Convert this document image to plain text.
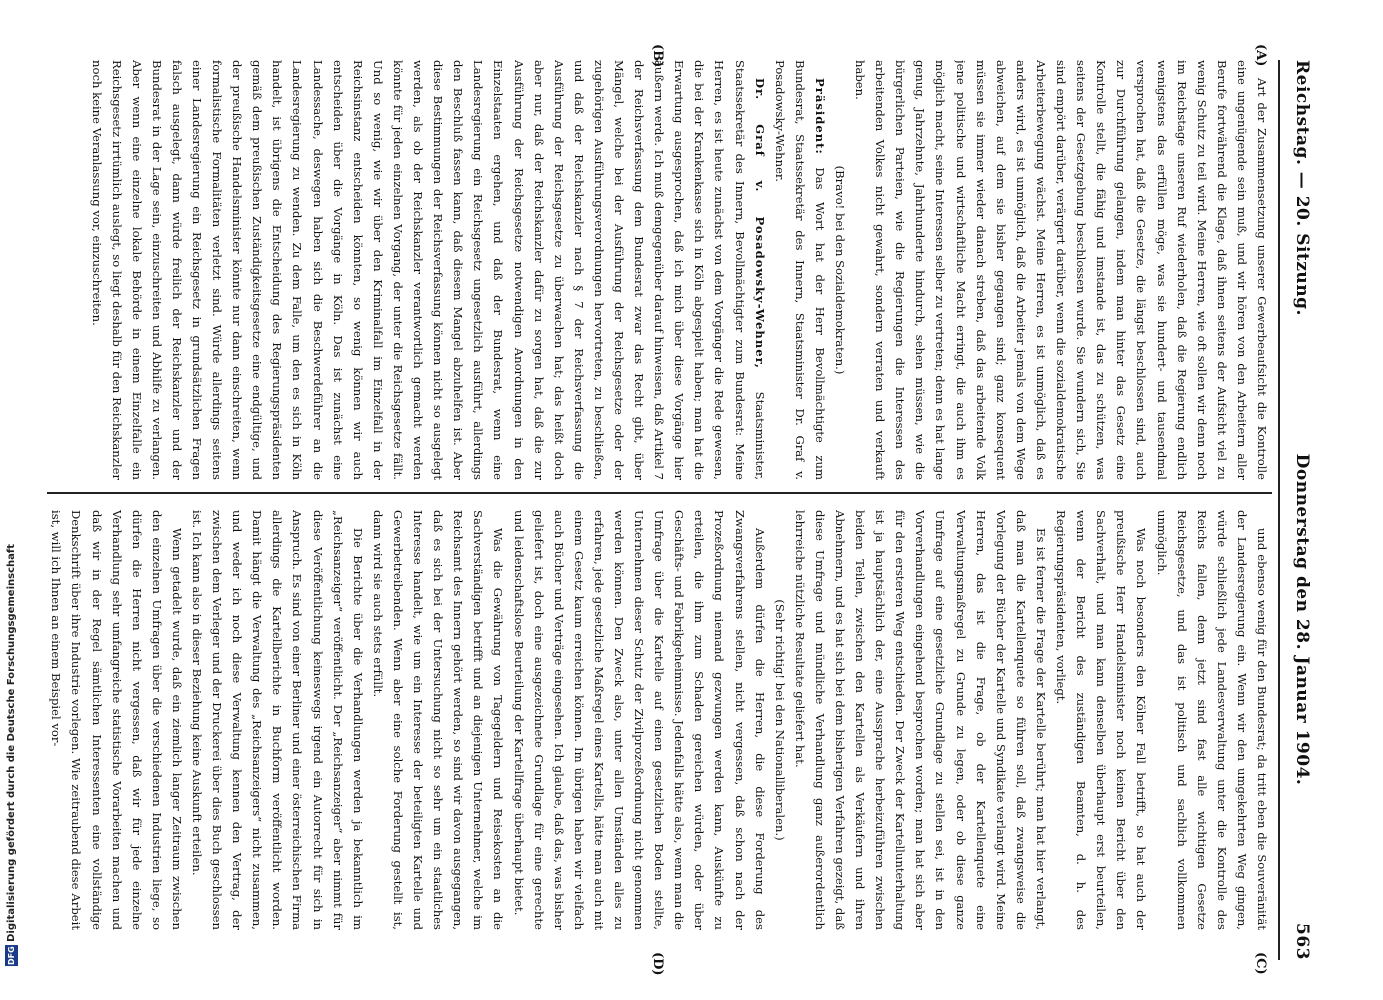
DFG Digitalisierung gefördert durch die Deutsche Forschungsgemeinschaft
Reichstag. — 20. Sitzung.
Donnerstag den 28. Januar 1904.
563
(A)
(B)
(C)
(D)

Art der Zusammensetzung unserer Gewerbeaufsicht die Kontrolle eine ungenügende sein muß, und wir hören von den Arbeitern aller Berufe fortwährend die Klage, daß ihnen seitens der Aufsicht viel zu wenig Schutz zu teil wird. Meine Herren, wie oft sollen wir denn noch im Reichstage unseren Ruf wiederholen, daß die Regierung endlich wenigstens das erfüllen möge, was sie hundert- und tausendmal versprochen hat, daß die Gesetze, die längst beschlossen sind, auch zur Durchführung gelangen, indem man hinter das Gesetz eine Kontrolle stellt, die fähig und imstande ist, das zu schützen, was seitens der Gesetzgebung beschlossen wurde. Sie wundern sich, Sie sind empört darüber, verärgert darüber, wenn die sozialdemokratische Arbeiterbewegung wächst. Meine Herren, es ist unmöglich, daß es anders wird, es ist unmöglich, daß die Arbeiter jemals von dem Wege abweichen, auf dem sie bisher gegangen sind; ganz konsequent müssen sie immer wieder danach streben, daß das arbeitende Volk jene politische und wirtschaftliche Macht erringt, die auch ihm es möglich macht, seine Interessen selber zu vertreten; denn es hat lange genug, Jahrzehnte, Jahrhunderte hindurch, sehen müssen, wie die bürgerlichen Parteien, wie die Regierungen die Interessen des arbeitenden Volkes nicht gewahrt, sondern verraten und verkauft haben.

(Bravo! bei den Sozialdemokraten.)

Präsident: Das Wort hat der Herr Bevollmächtigte zum Bundesrat, Staatssekretär des Innern, Staatsminister Dr. Graf v. Posadowsky-Wehner.

Dr. Graf v. Posadowsky-Wehner, Staatsminister, Staatssekretär des Innern, Bevollmächtigter zum Bundesrat: Meine Herren, es ist heute zunächst von dem Vorgänger die Rede gewesen, die bei der Krankenkasse sich in Köln abgespielt haben; man hat die Erwartung ausgesprochen, daß ich mich über diese Vorgänge hier äußern werde. Ich muß demgegenüber darauf hinweisen, daß Artikel 7 der Reichsverfassung dem Bundesrat zwar das Recht gibt, über Mängel, welche bei der Ausführung der Reichsgesetze oder der zugehörigen Ausführungsverordnungen hervortreten, zu beschließen, und daß der Reichskanzler nach § 7 der Reichsverfassung die Ausführung der Reichsgesetze zu überwachen hat; das heißt doch aber nur, daß der Reichskanzler dafür zu sorgen hat, daß die zur Ausführung der Reichsgesetze notwendigen Anordnungen in den Einzelstaaten ergehen, und daß der Bundesrat, wenn eine Landesregierung ein Reichsgesetz ungesetzlich ausführt, allerdings den Beschluß fassen kann, daß diesem Mangel abzuhelfen ist. Aber diese Bestimmungen der Reichsverfassung können nicht so ausgelegt werden, als ob der Reichskanzler verantwortlich gemacht werden könnte für jeden einzelnen Vorgang, der unter die Reichsgesetze fällt. Und so wenig, wie wir über den Kriminalfall im Einzelfall in der Reichsinstanz entscheiden könnten, so wenig können wir auch entscheiden über die Vorgänge in Köln. Das ist zunächst eine Landessache, deswegen haben sich die Beschwerdeführer an die Landesregierung zu wenden. Zu dem Falle, um den es sich in Köln handelt, ist übrigens die Entscheidung des Regierungspräsidenten gemäß dem preußischen Zuständigkeitsgesetze eine endgültige, und der preußische Handelsminister könnte nur dann einschreiten, wenn formalistische Formalitäten verletzt sind. Würde allerdings seitens einer Landesregierung ein Reichsgesetz in grundsätzlichen Fragen falsch ausgelegt, dann würde freilich der Reichskanzler und der Bundesrat in der Lage sein, einzuschreiten und Abhilfe zu verlangen. Aber wenn eine einzelne lokale Behörde in einem Einzelfalle ein Reichsgesetz irrtümlich auslegt, so liegt deshalb für den Reichskanzler noch keine Veranlassung vor, einzuschreiten.

und ebenso wenig für den Bundesrat; da tritt eben die Souveränität der Landesregierung ein. Wenn wir den umgekehrten Weg gingen, würde schließlich jede Landesverwaltung unter die Kontrolle des Reichs fallen, denn jetzt sind fast alle wichtigen Gesetze Reichsgesetze, und das ist politisch und sachlich vollkommen unmöglich.

Was noch besonders den Kölner Fall betrifft, so hat auch der preußische Herr Handelsminister noch keinen Bericht über den Sachverhalt, und man kann denselben überhaupt erst beurteilen, wenn der Bericht des zuständigen Beamten, d. h. des Regierungspräsidenten, vorliegt.

Es ist ferner die Frage der Kartelle berührt; man hat hier verlangt, daß man die Kartellenquete so führen soll, daß zwangsweise die Vorlegung der Bücher der Kartelle und Syndikate verlangt wird. Meine Herren, das ist die Frage, ob der Kartellenquete eine Verwaltungsmaßregel zu Grunde zu legen, oder ob diese ganze Umfrage auf eine gesetzliche Grundlage zu stellen sei, ist in den Vorverhandlungen eingehend besprochen worden; man hat sich aber für den ersteren Weg entschieden. Der Zweck der Kartellunterhaltung ist ja hauptsächlich der, eine Aussprache herbeizuführen zwischen beiden Teilen, zwischen den Kartellen als Verkäufern und ihren Abnehmern, und es hat sich bei dem bisherigen Verfahren gezeigt, daß diese Umfrage und mündliche Verhandlung ganz außerordentlich lehrreiche nützliche Resultate geliefert hat.

(Sehr richtig! bei den Nationalliberalen.)

Außerdem dürfen die Herren, die diese Forderung des Zwangsverfahrens stellen, nicht vergessen, daß schon nach der Prozeßordnung niemand gezwungen werden kann, Auskünfte zu erteilen, die ihm zum Schaden gereichen würden, oder über Geschäfts- und Fabrikgeheimnisse. Jedenfalls hätte also, wenn man die Umfrage über die Kartelle auf einen gesetzlichen Boden stellte, Unternehmen dieser Schutz der Zivilprozeßordnung nicht genommen werden können. Den Zweck also, unter allen Umständen alles zu erfahren, jede gesetzliche Maßregel eines Kartells, hätte man auch mit einem Gesetz kaum erreichen können. Im übrigen haben wir vielfach auch Bücher und Verträge eingesehen. Ich glaube, daß das, was bisher geliefert ist, doch eine ausgezeichnete Grundlage für eine gerechte und leidenschaftslose Beurteilung der Kartellfrage überhaupt bietet.

Was die Gewährung von Tagegeldern und Reisekosten an die Sachverständigen betrifft und an diejenigen Unternehmer, welche im Reichsamt des Innern gehört werden, so sind wir davon ausgegangen, daß es sich bei der Untersuchung nicht so sehr um ein staatliches Interesse handelt, wie um ein Interesse der beteiligten Kartelle und Gewerbetreibenden. Wenn aber eine solche Forderung gestellt ist, dann wird sie auch stets erfüllt.

Die Berichte über die Verhandlungen werden ja bekanntlich im „Reichsanzeiger“ veröffentlicht. Der „Reichsanzeiger“ aber nimmt für diese Veröffentlichung keineswegs irgend ein Autorrecht für sich in Anspruch. Es sind von einer Berliner und einer österreichischen Firma allerdings die Kartellberichte in Buchform veröffentlicht worden. Damit hängt die Verwaltung des „Reichsanzeigers“ nicht zusammen, und weder ich noch diese Verwaltung kennen den Vertrag, der zwischen dem Verleger und der Druckerei über dies Buch geschlossen ist. Ich kann also in dieser Beziehung keine Auskunft erteilen.

Wenn getadelt wurde, daß ein ziemlich langer Zeitraum zwischen den einzelnen Umfragen über die verschiedenen Industrien liege, so dürfen die Herren nicht vergessen, daß wir für jede einzelne Verhandlung sehr umfangreiche statistische Vorarbeiten machen und daß wir in der Regel sämtlichen Interessenten eine vollständige Denkschrift über ihre Industrie vorlegen. Wie zeitraubend diese Arbeit ist, will ich Ihnen an einem Beispiel vor-
